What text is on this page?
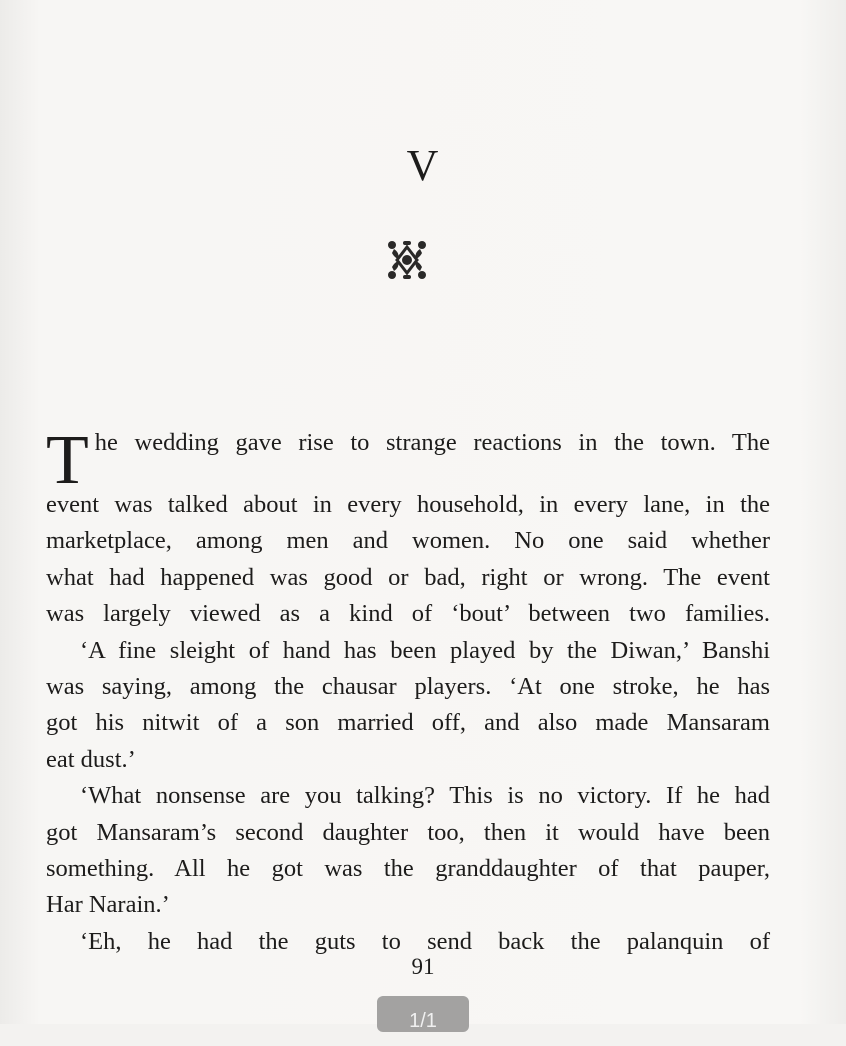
V
T he wedding gave rise to strange reactions in the town. The
event was talked about in every household, in every lane, in the
marketplace, among men and women. No one said whether
what had happened was good or bad, right or wrong. The event
was largely viewed as a kind of ‘bout’ between two families.
‘A fine sleight of hand has been played by the Diwan,’ Banshi
was saying, among the chausar players. ‘At one stroke, he has
got his nitwit of a son married off, and also made Mansaram
eat dust.’
‘What nonsense are you talking? This is no victory. If he had
got Mansaram’s second daughter too, then it would have been
something. All he got was the granddaughter of that pauper,
Har Narain.’
‘Eh, he had the guts to send back the palanquin of
91
1/1
